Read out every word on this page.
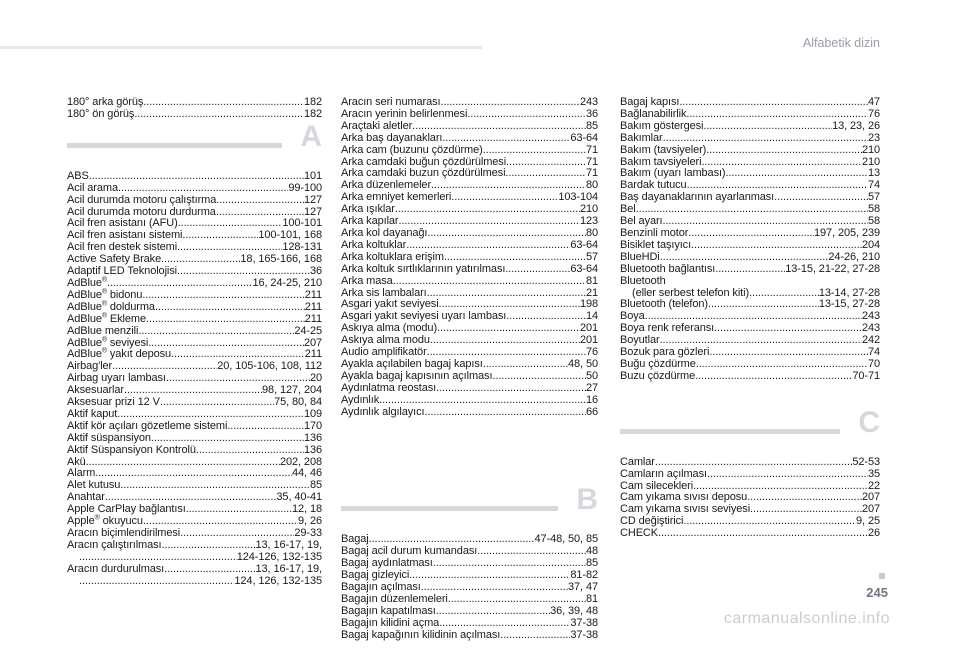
Alfabetik dizin
180° arka görüş .....	182
180° ön görüş .....	182
A
ABS .....	101
Acil arama .....	99-100
Acil durumda motoru çalıştırma .....	127
Acil durumda motoru durdurma .....	127
Acil fren asistanı (AFU) .....	100-101
Acil fren asistanı sistemi .....	100-101, 168
Acil fren destek sistemi .....	128-131
Active Safety Brake .....	18, 165-166, 168
Adaptif LED Teknolojisi .....	36
AdBlue® .....	16, 24-25, 210
AdBlue® bidonu .....	211
AdBlue® doldurma .....	211
AdBlue® Ekleme .....	211
AdBlue menzili .....	24-25
AdBlue® seviyesi .....	207
AdBlue® yakıt deposu .....	211
Airbag'ler .....	20, 105-106, 108, 112
Airbag uyarı lambası .....	20
Aksesuarlar .....	98, 127, 204
Aksesuar prizi 12 V .....	75, 80, 84
Aktif kaput .....	109
Aktif kör açıları gözetleme sistemi .....	170
Aktif süspansiyon .....	136
Aktif Süspansiyon Kontrolü .....	136
Akü .....	202, 208
Alarm .....	44, 46
Alet kutusu .....	85
Anahtar .....	35, 40-41
Apple CarPlay bağlantısı .....	12, 18
Apple® okuyucu .....	9, 26
Aracın biçimlendirilmesi .....	29-33
Aracın çalıştırılması .....	13, 16-17, 19,
.....
124-126, 132-135
Aracın durdurulması .....	13, 16-17, 19,
.....
124, 126, 132-135
Aracın seri numarası .....	243
Aracın yerinin belirlenmesi .....	36
Araçtaki aletler .....	85
Arka baş dayanakları .....	63-64
Arka cam (buzunu çözdürme) .....	71
Arka camdaki buğun çözdürülmesi .....	71
Arka camdaki buzun çözdürülmesi .....	71
Arka düzenlemeler .....	80
Arka emniyet kemerleri .....	103-104
Arka ışıklar .....	210
Arka kapılar .....	123
Arka kol dayanağı .....	80
Arka koltuklar .....	63-64
Arka koltuklara erişim .....	57
Arka koltuk sırtlıklarının yatırılması .....	63-64
Arka masa .....	81
Arka sis lambaları .....	21
Asgari yakıt seviyesi .....	198
Asgari yakıt seviyesi uyarı lambası .....	14
Askıya alma (modu) .....	201
Askıya alma modu .....	201
Audio amplifikatör .....	76
Ayakla açılabilen bagaj kapısı .....	48, 50
Ayakla bagaj kapısının açılması .....	50
Aydınlatma reostası .....	27
Aydınlık .....	16
Aydınlık algılayıcı .....	66
B
Bagaj .....	47-48, 50, 85
Bagaj acil durum kumandası .....	48
Bagaj aydınlatması .....	85
Bagaj gizleyici .....	81-82
Bagajın açılması .....	37, 47
Bagajın düzenlemeleri .....	81
Bagajın kapatılması .....	36, 39, 48
Bagajın kilidini açma .....	37-38
Bagaj kapağının kilidinin açılması .....	37-38
Bagaj kapısı .....	47
Bağlanabilirlik .....	76
Bakım göstergesi .....	13, 23, 26
Bakımlar .....	23
Bakım (tavsiyeler) .....	210
Bakım tavsiyeleri .....	210
Bakım (uyarı lambası) .....	13
Bardak tutucu .....	74
Baş dayanaklarının ayarlanması .....	57
Bel .....	58
Bel ayarı .....	58
Benzinli motor .....	197, 205, 239
Bisiklet taşıyıcı .....	204
BlueHDi .....	24-26, 210
Bluetooth bağlantısı .....	13-15, 21-22, 27-28
Bluetooth
(eller serbest telefon kiti) .....	13-14, 27-28
Bluetooth (telefon) .....	13-15, 27-28
Boya .....	243
Boya renk referansı .....	243
Boyutlar .....	242
Bozuk para gözleri .....	74
Buğu çözdürme .....	70
Buzu çözdürme .....	70-71
C
Camlar .....	52-53
Camların açılması .....	35
Cam silecekleri .....	22
Cam yıkama sıvısı deposu .....	207
Cam yıkama sıvısı seviyesi .....	207
CD değiştirici .....	9, 25
CHECK .....	26
245
carmanualsonline.info
